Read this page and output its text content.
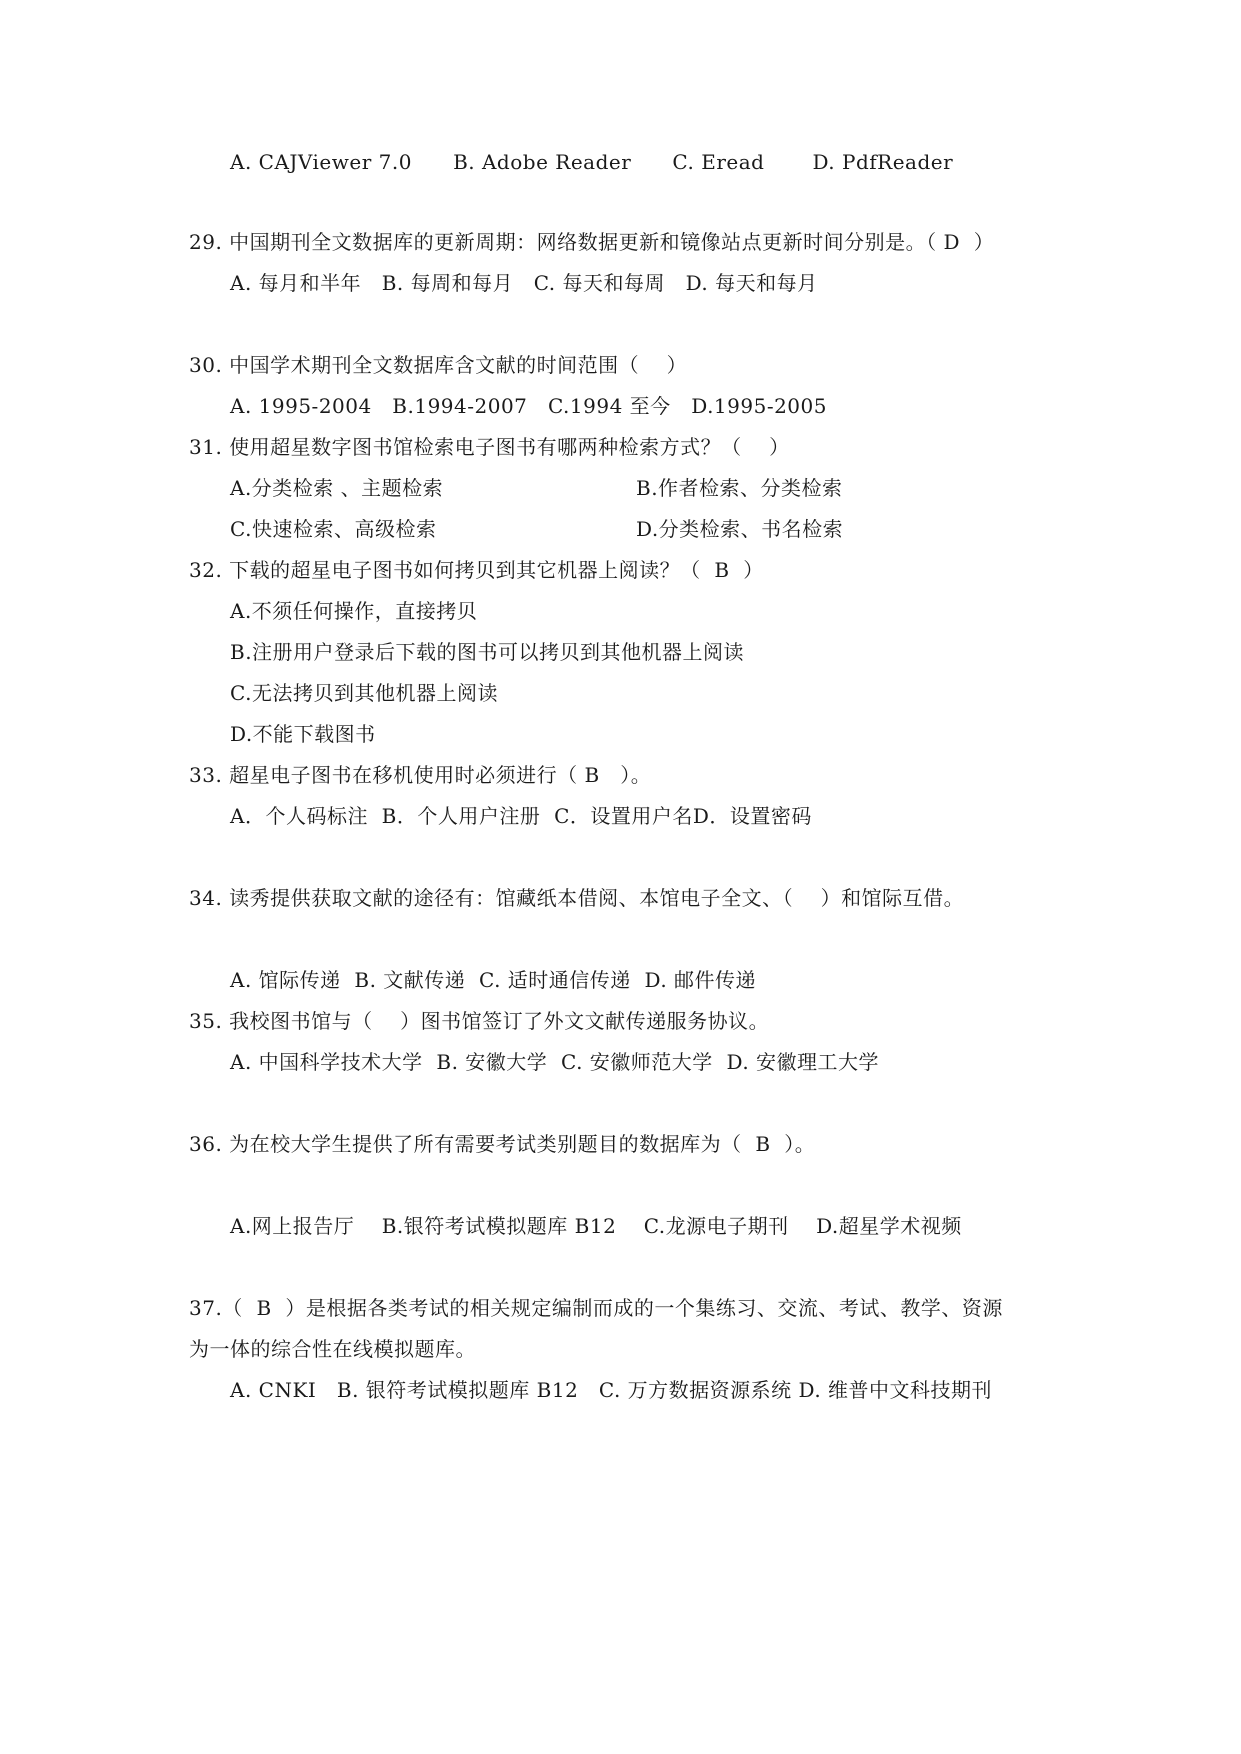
A. CAJViewer 7.0      B. Adobe Reader      C. Eread       D. PdfReader
29. 中国期刊全文数据库的更新周期：网络数据更新和镜像站点更新时间分别是。（ D  ）
A. 每月和半年   B. 每周和每月   C. 每天和每周   D. 每天和每月
30. 中国学术期刊全文数据库含文献的时间范围（    ）
A. 1995-2004   B.1994-2007   C.1994 至今   D.1995-2005
31. 使用超星数字图书馆检索电子图书有哪两种检索方式？（    ）
A.分类检索 、主题检索	B.作者检索、分类检索
C.快速检索、高级检索	D.分类检索、书名检索
32. 下载的超星电子图书如何拷贝到其它机器上阅读？（  B  ）
A.不须任何操作，直接拷贝
B.注册用户登录后下载的图书可以拷贝到其他机器上阅读
C.无法拷贝到其他机器上阅读
D.不能下载图书
33. 超星电子图书在移机使用时必须进行（ B   ）。
A．个人码标注  B．个人用户注册  C．设置用户名D．设置密码
34. 读秀提供获取文献的途径有：馆藏纸本借阅、本馆电子全文、（    ）和馆际互借。
A. 馆际传递  B. 文献传递  C. 适时通信传递  D. 邮件传递
35. 我校图书馆与（    ）图书馆签订了外文文献传递服务协议。
A. 中国科学技术大学  B. 安徽大学  C. 安徽师范大学  D. 安徽理工大学
36. 为在校大学生提供了所有需要考试类别题目的数据库为（  B  ）。
A.网上报告厅    B.银符考试模拟题库 B12    C.龙源电子期刊    D.超星学术视频
37.（  B  ）是根据各类考试的相关规定编制而成的一个集练习、交流、考试、教学、资源
为一体的综合性在线模拟题库。
A. CNKI   B. 银符考试模拟题库 B12   C. 万方数据资源系统 D. 维普中文科技期刊
